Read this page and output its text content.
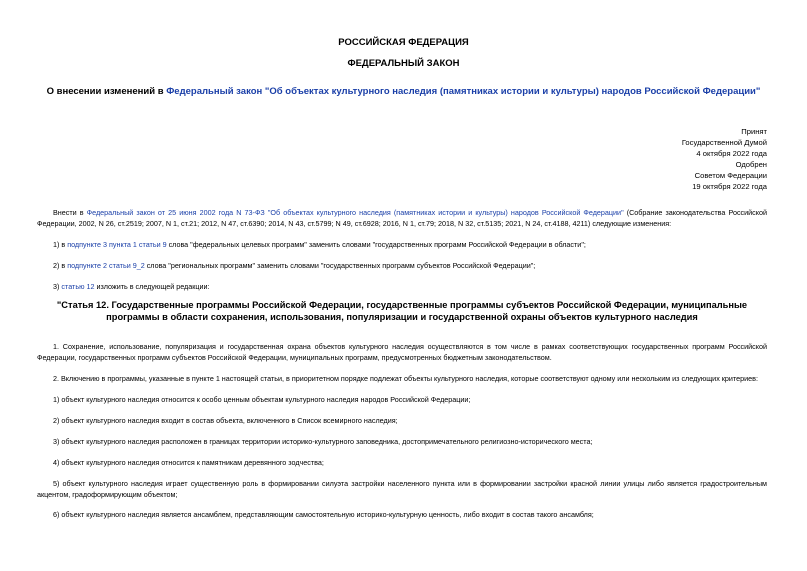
РОССИЙСКАЯ ФЕДЕРАЦИЯ
ФЕДЕРАЛЬНЫЙ ЗАКОН
О внесении изменений в Федеральный закон "Об объектах культурного наследия (памятниках истории и культуры) народов Российской Федерации"
Принят
Государственной Думой
4 октября 2022 года
Одобрен
Советом Федерации
19 октября 2022 года
Внести в Федеральный закон от 25 июня 2002 года N 73-ФЗ "Об объектах культурного наследия (памятниках истории и культуры) народов Российской Федерации" (Собрание законодательства Российской Федерации, 2002, N 26, ст.2519; 2007, N 1, ст.21; 2012, N 47, ст.6390; 2014, N 43, ст.5799; N 49, ст.6928; 2016, N 1, ст.79; 2018, N 32, ст.5135; 2021, N 24, ст.4188, 4211) следующие изменения:
1) в подпункте 3 пункта 1 статьи 9 слова "федеральных целевых программ" заменить словами "государственных программ Российской Федерации в области";
2) в подпункте 2 статьи 9_2 слова "региональных программ" заменить словами "государственных программ субъектов Российской Федерации";
3) статью 12 изложить в следующей редакции:
"Статья 12. Государственные программы Российской Федерации, государственные программы субъектов Российской Федерации, муниципальные программы в области сохранения, использования, популяризации и государственной охраны объектов культурного наследия
1. Сохранение, использование, популяризация и государственная охрана объектов культурного наследия осуществляются в том числе в рамках соответствующих государственных программ Российской Федерации, государственных программ субъектов Российской Федерации, муниципальных программ, предусмотренных бюджетным законодательством.
2. Включению в программы, указанные в пункте 1 настоящей статьи, в приоритетном порядке подлежат объекты культурного наследия, которые соответствуют одному или нескольким из следующих критериев:
1) объект культурного наследия относится к особо ценным объектам культурного наследия народов Российской Федерации;
2) объект культурного наследия входит в состав объекта, включенного в Список всемирного наследия;
3) объект культурного наследия расположен в границах территории историко-культурного заповедника, достопримечательного религиозно-исторического места;
4) объект культурного наследия относится к памятникам деревянного зодчества;
5) объект культурного наследия играет существенную роль в формировании силуэта застройки населенного пункта или в формировании застройки красной линии улицы либо является градостроительным акцентом, градоформирующим объектом;
6) объект культурного наследия является ансамблем, представляющим самостоятельную историко-культурную ценность, либо входит в состав такого ансамбля;
